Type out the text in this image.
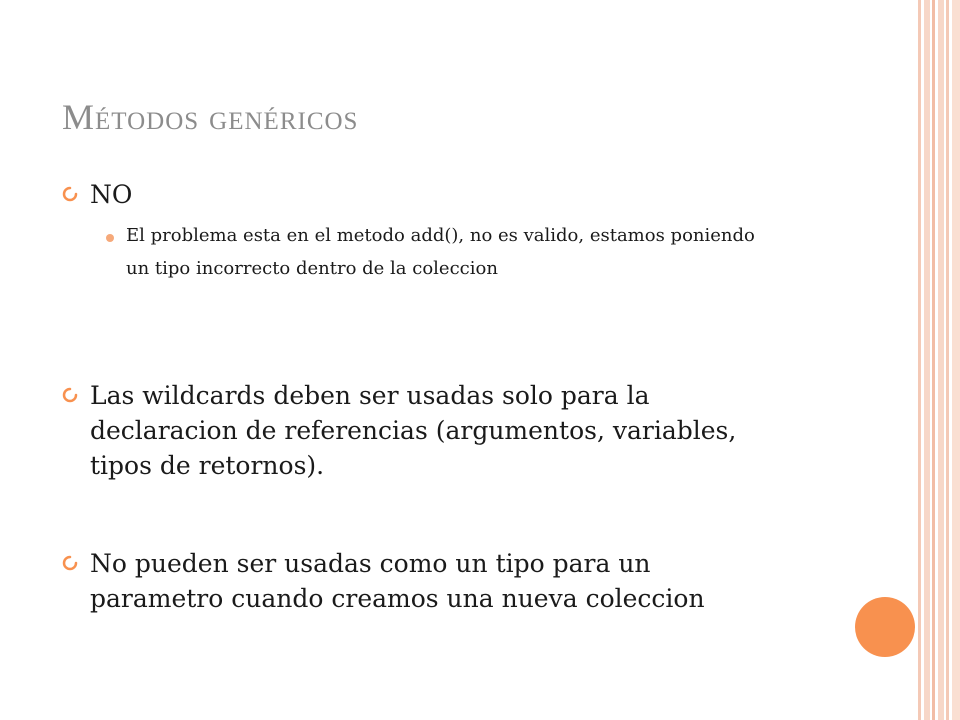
Métodos genéricos

NO

El problema esta en el metodo add(), no es valido, estamos poniendo un tipo incorrecto dentro de la coleccion

Las wildcards deben ser usadas solo para la declaracion de referencias (argumentos, variables, tipos de retornos).

No pueden ser usadas como un tipo para un parametro cuando creamos una nueva coleccion
